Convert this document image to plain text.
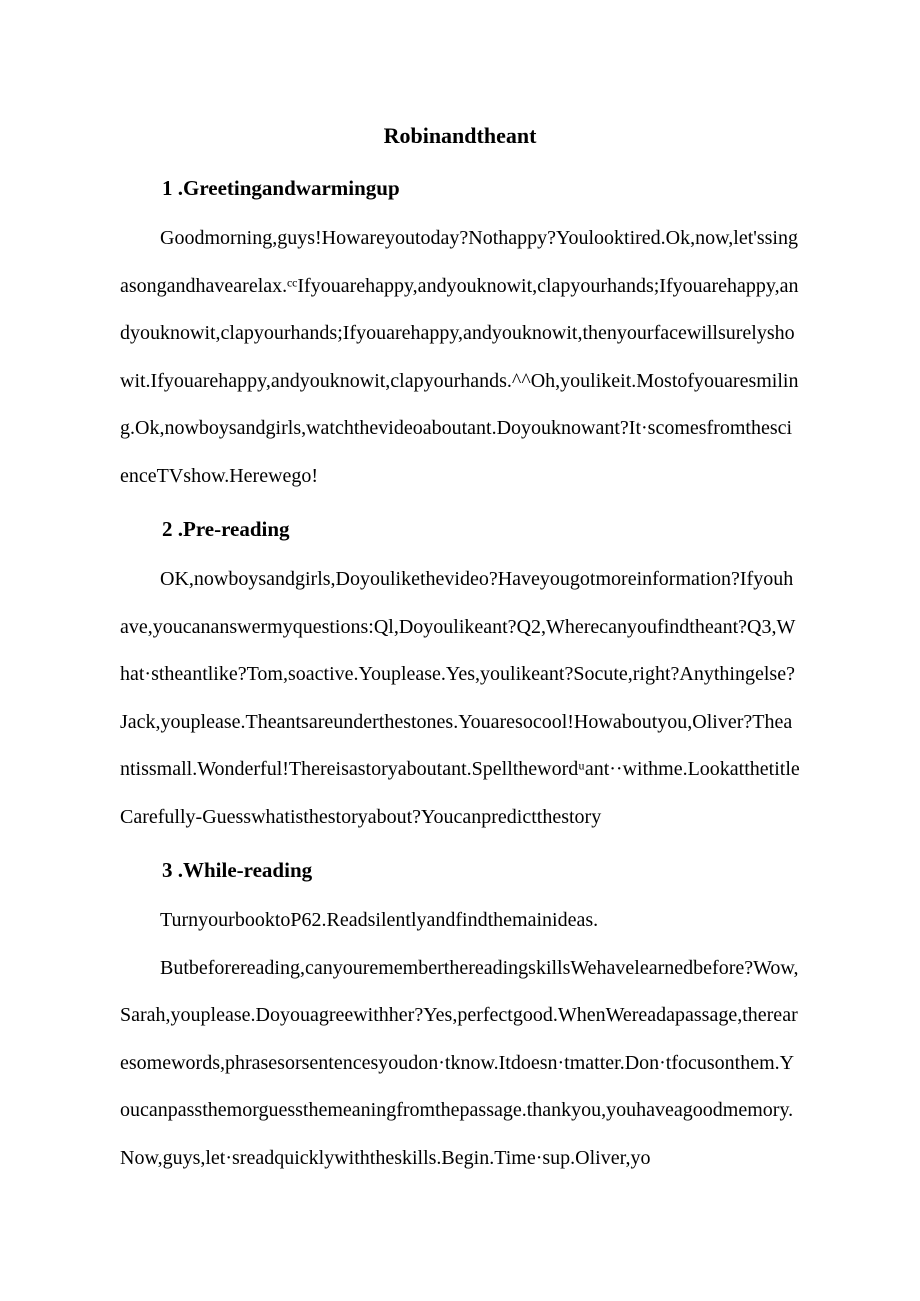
Robinandtheant
1 .Greetingandwarmingup

Goodmorning,guys!Howareyoutoday?Nothappy?Youlooktired.Ok,now,let'ssingasongandhavearelax.ᶜᶜIfyouarehappy,andyouknowit,clapyourhands;Ifyouarehappy,andyouknowit,clapyourhands;Ifyouarehappy,andyouknowit,thenyourfacewillsurelyshowit.Ifyouarehappy,andyouknowit,clapyourhands.^^Oh,youlikeit.Mostofyouaresmiling.Ok,nowboysandgirls,watchthevideoaboutant.Doyouknowant?It·scomesfromthescienceTVshow.Herewego!

2 .Pre-reading

OK,nowboysandgirls,Doyoulikethevideo?Haveyougotmoreinformation?Ifyouhave,youcananswermyquestions:Ql,Doyoulikeant?Q2,Wherecanyoufindtheant?Q3,What·stheantlike?Tom,soactive.Youplease.Yes,youlikeant?Socute,right?Anythingelse?Jack,youplease.Theantsareunderthestones.Youaresocool!Howaboutyou,Oliver?Theantissmall.Wonderful!Thereisastoryaboutant.Spellthewordᵘant··withme.LookatthetitleCarefully-Guesswhatisthestoryabout?Youcanpredictthestory

3 .While-reading

TurnyourbooktoP62.Readsilentlyandfindthemainideas.

Butbeforereading,canyourememberthereadingskillsWehavelearnedbefore?Wow,Sarah,youplease.Doyouagreewithher?Yes,perfectgood.WhenWereadapassage,therearesomewords,phrasesorsentencesyoudon·tknow.Itdoesn·tmatter.Don·tfocusonthem.Youcanpassthemorguessthemeaningfromthepassage.thankyou,youhaveagoodmemory.Now,guys,let·sreadquicklywiththeskills.Begin.Time·sup.Oliver,yo
